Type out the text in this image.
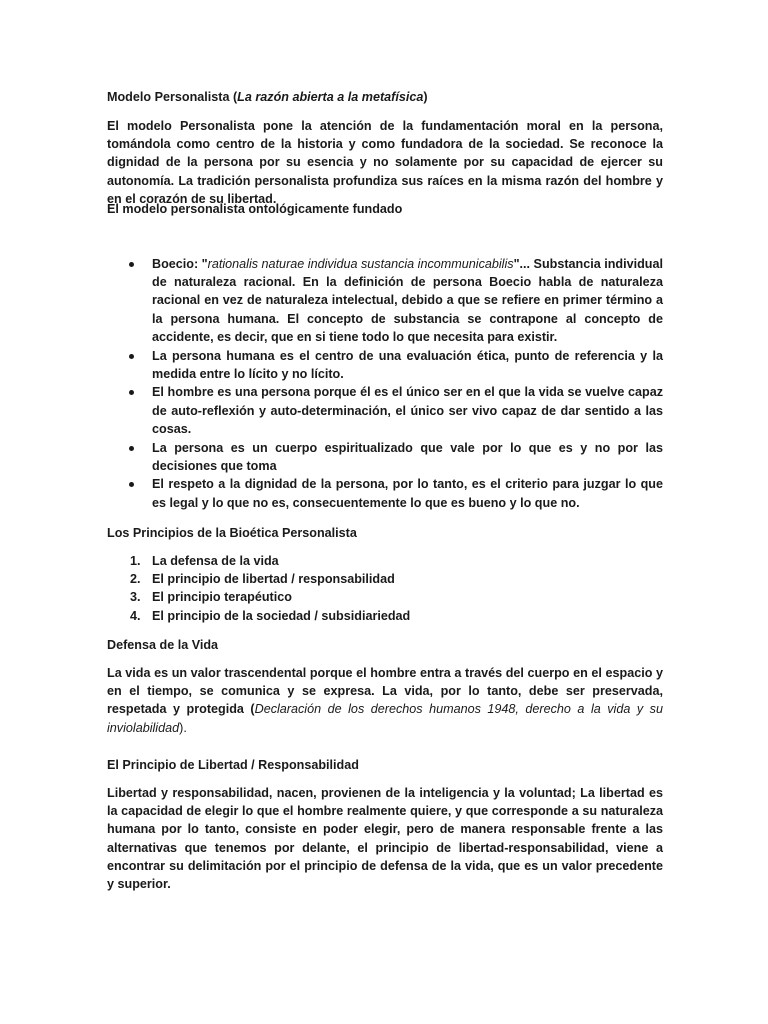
Modelo Personalista (La razón abierta a la metafísica)
El modelo Personalista pone la atención de la fundamentación moral en la persona, tomándola como centro de la historia y como fundadora de la sociedad. Se reconoce la dignidad de la persona por su esencia y no solamente por su capacidad de ejercer su autonomía. La tradición personalista profundiza sus raíces en la misma razón del hombre y en el corazón de su libertad.
El modelo personalista ontológicamente fundado
Boecio: "rationalis naturae individua sustancia incommunicabilis"... Substancia individual de naturaleza racional. En la definición de persona Boecio habla de naturaleza racional en vez de naturaleza intelectual, debido a que se refiere en primer término a la persona humana. El concepto de substancia se contrapone al concepto de accidente, es decir, que en si tiene todo lo que necesita para existir.
La persona humana es el centro de una evaluación ética, punto de referencia y la medida entre lo lícito y no lícito.
El hombre es una persona porque él es el único ser en el que la vida se vuelve capaz de auto-reflexión y auto-determinación, el único ser vivo capaz de dar sentido a las cosas.
La persona es un cuerpo espiritualizado que vale por lo que es y no por las decisiones que toma
El respeto a la dignidad de la persona, por lo tanto, es el criterio para juzgar lo que es legal y lo que no es, consecuentemente lo que es bueno y lo que no.
Los Principios de la Bioética Personalista
1. La defensa de la vida
2. El principio de libertad / responsabilidad
3. El principio terapéutico
4. El principio de la sociedad / subsidiariedad
Defensa de la Vida
La vida es un valor trascendental porque el hombre entra a través del cuerpo en el espacio y en el tiempo, se comunica y se expresa. La vida, por lo tanto, debe ser preservada, respetada y protegida (Declaración de los derechos humanos 1948, derecho a la vida y su inviolabilidad).
El Principio de Libertad / Responsabilidad
Libertad y responsabilidad, nacen, provienen de la inteligencia y la voluntad; La libertad es la capacidad de elegir lo que el hombre realmente quiere, y que corresponde a su naturaleza humana por lo tanto, consiste en poder elegir, pero de manera responsable frente a las alternativas que tenemos por delante, el principio de libertad-responsabilidad, viene a encontrar su delimitación por el principio de defensa de la vida, que es un valor precedente y superior.
